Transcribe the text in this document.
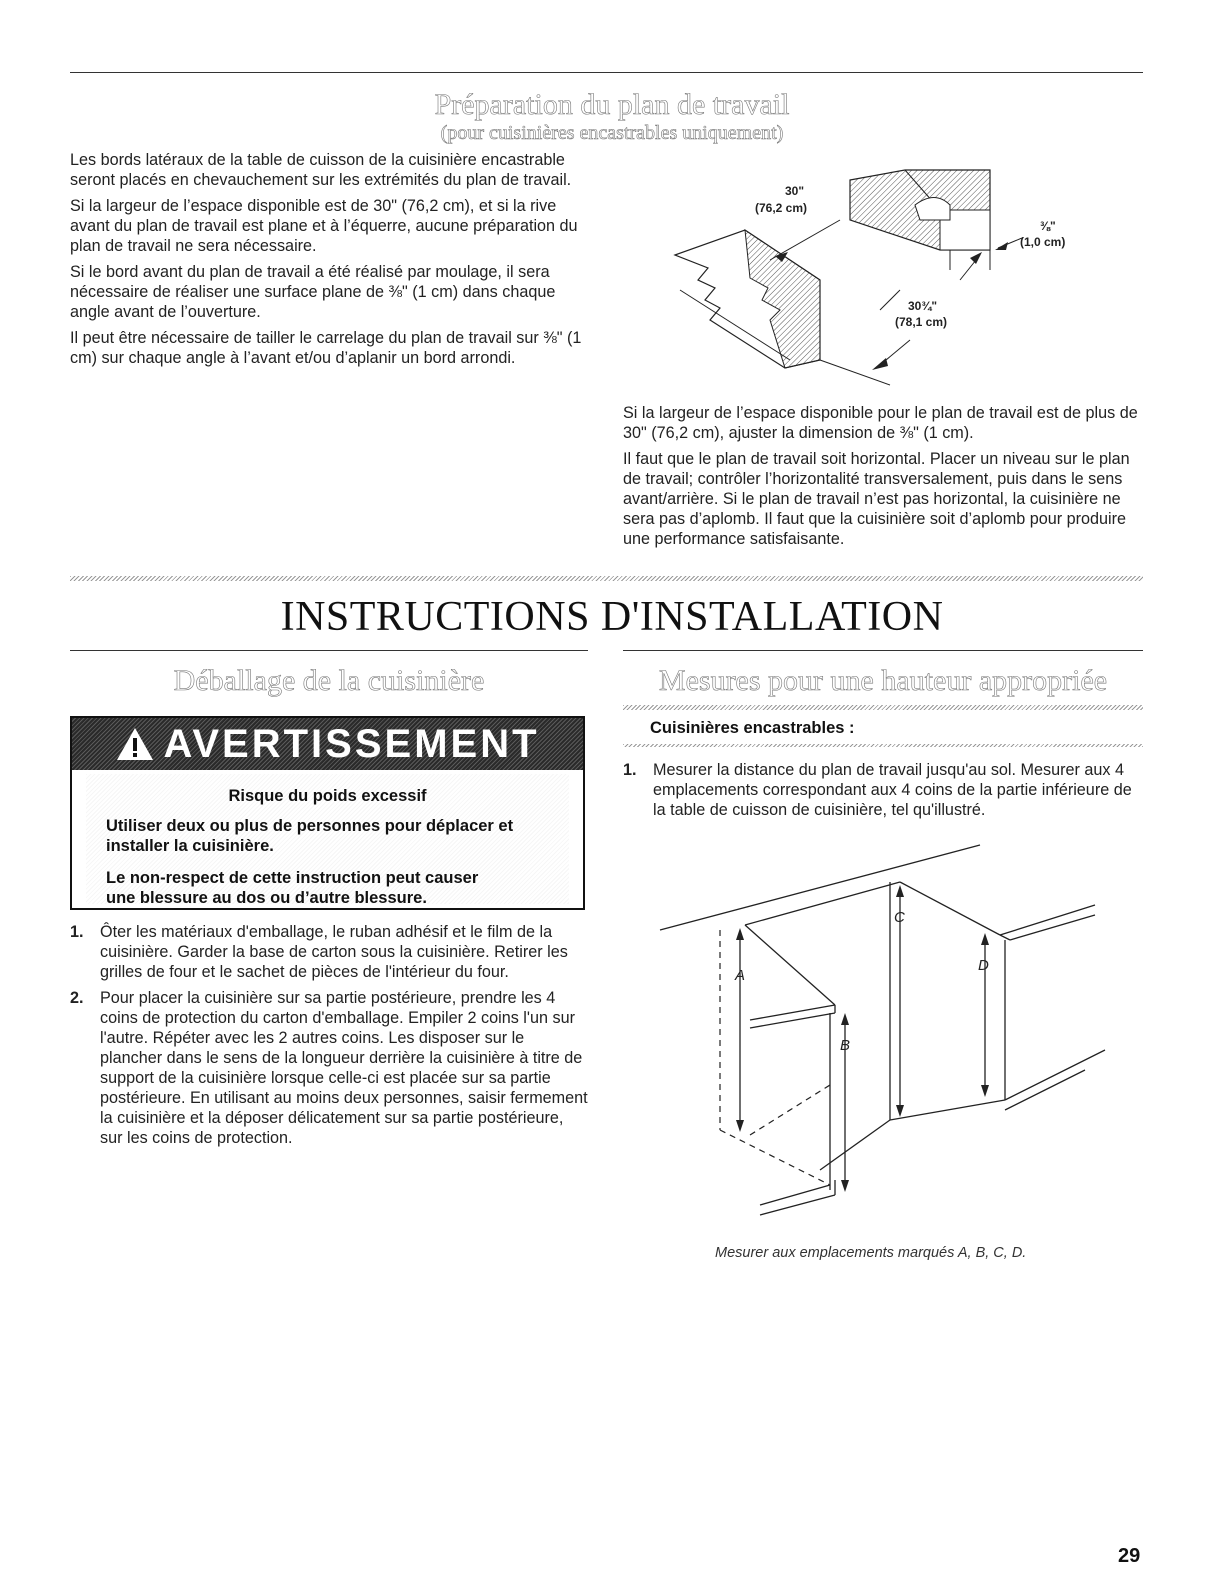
Préparation du plan de travail
(pour cuisinières encastrables uniquement)

Les bords latéraux de la table de cuisson de la cuisinière encastrable seront placés en chevauchement sur les extrémités du plan de travail.

Si la largeur de l’espace disponible est de 30" (76,2 cm), et si la rive avant du plan de travail est plane et à l’équerre, aucune préparation du plan de travail ne sera nécessaire.

Si le bord avant du plan de travail a été réalisé par moulage, il sera nécessaire de réaliser une surface plane de ⅜" (1 cm) dans chaque angle avant de l’ouverture.

Il peut être nécessaire de tailler le carrelage du plan de travail sur ⅜" (1 cm) sur chaque angle à l’avant et/ou d’aplanir un bord arrondi.

30"
(76,2 cm)
⅜"
(1,0 cm)
30¾"
(78,1 cm)

Si la largeur de l’espace disponible pour le plan de travail est de plus de 30" (76,2 cm), ajuster la dimension de ⅜" (1 cm).

Il faut que le plan de travail soit horizontal. Placer un niveau sur le plan de travail; contrôler l’horizontalité transversalement, puis dans le sens avant/arrière. Si le plan de travail n’est pas horizontal, la cuisinière ne sera pas d’aplomb. Il faut que la cuisinière soit d’aplomb pour produire une performance satisfaisante.

INSTRUCTIONS D'INSTALLATION
Déballage de la cuisinière
AVERTISSEMENT
Risque du poids excessif
Utiliser deux ou plus de personnes pour déplacer et installer la cuisinière.
Le non-respect de cette instruction peut causer une blessure au dos ou d’autre blessure.
1. Ôter les matériaux d'emballage, le ruban adhésif et le film de la cuisinière. Garder la base de carton sous la cuisinière. Retirer les grilles de four et le sachet de pièces de l'intérieur du four.
2. Pour placer la cuisinière sur sa partie postérieure, prendre les 4 coins de protection du carton d'emballage. Empiler 2 coins l'un sur l'autre. Répéter avec les 2 autres coins. Les disposer sur le plancher dans le sens de la longueur derrière la cuisinière à titre de support de la cuisinière lorsque celle-ci est placée sur sa partie postérieure. En utilisant au moins deux personnes, saisir fermement la cuisinière et la déposer délicatement sur sa partie postérieure, sur les coins de protection.
Mesures pour une hauteur appropriée
Cuisinières encastrables :
1. Mesurer la distance du plan de travail jusqu'au sol. Mesurer aux 4 emplacements correspondant aux 4 coins de la partie inférieure de la table de cuisson de cuisinière, tel qu'illustré.
A
B
C
D
Mesurer aux emplacements marqués A, B, C, D.
29
